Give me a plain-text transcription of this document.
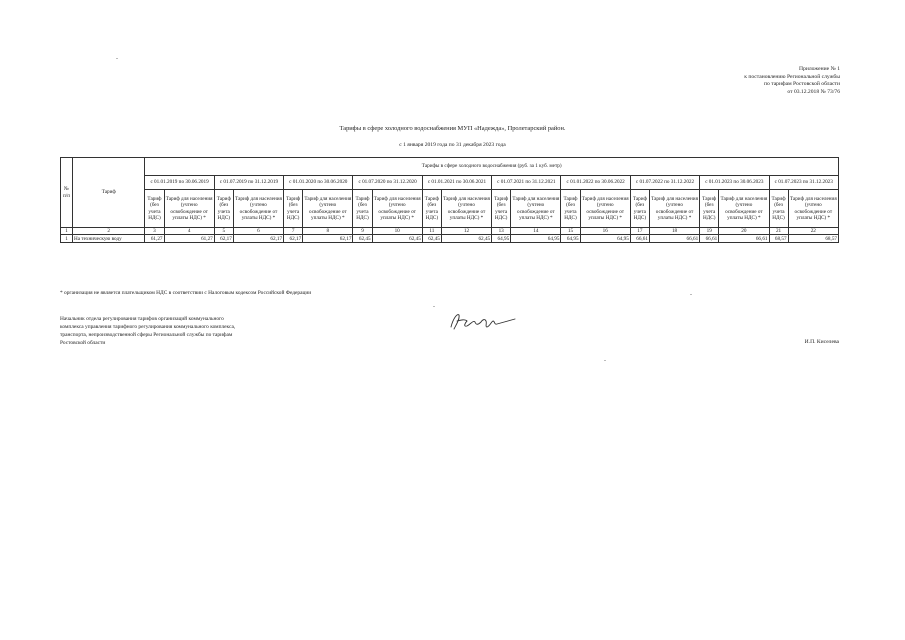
Приложение № 1
к постановлению Региональной службы
по тарифам Ростовской области
от 03.12.2018 № 73/76
Тарифы в сфере холодного водоснабжения МУП «Надежда», Пролетарский район.
с 1 января 2019 года по 31 декабря 2023 года
№ п/п	Тариф	Тарифы в сфере холодного водоснабжения (руб. за 1 куб. метр)																			
		с 01.01.2019 по 30.06.2019		с 01.07.2019 по 31.12.2019		с 01.01.2020 по 30.06.2020		с 01.07.2020 по 31.12.2020		с 01.01.2021 по 30.06.2021		с 01.07.2021 по 31.12.2021		с 01.01.2022 по 30.06.2022		с 01.07.2022 по 31.12.2022		с 01.01.2023 по 30.06.2023		с 01.07.2023 по 31.12.2023	
		Тариф (без учета НДС)	Тариф для населения (учтено освобождение от уплаты НДС) *	Тариф (без учета НДС)	Тариф для населения (учтено освобождение от уплаты НДС) *	Тариф (без учета НДС)	Тариф для населения (учтено освобождение от уплаты НДС) *	Тариф (без учета НДС)	Тариф для населения (учтено освобождение от уплаты НДС) *	Тариф (без учета НДС)	Тариф для населения (учтено освобождение от уплаты НДС) *	Тариф (без учета НДС)	Тариф для населения (учтено освобождение от уплаты НДС) *	Тариф (без учета НДС)	Тариф для населения (учтено освобождение от уплаты НДС) *	Тариф (без учета НДС)	Тариф для населения (учтено освобождение от уплаты НДС) *	Тариф (без учета НДС)	Тариф для населения (учтено освобождение от уплаты НДС) *	Тариф (без учета НДС)	Тариф для населения (учтено освобождение от уплаты НДС) *
1	2	3	4	5	6	7	8	9	10	11	12	13	14	15	16	17	18	19	20	21	22
1	На техническую воду	61,27	61,27	62,17	62,17	62,17	62,17	62,45	62,45	62,45	62,45	64,95	64,95	64,95	64,95	66,61	66,61	66,61	66,61	68,57	68,57
* организация не является плательщиком НДС в соответствии с Налоговым кодексом Российской Федерации
Начальник отдела регулирования тарифов организаций коммунального
комплекса управления тарифного регулирования коммунального комплекса,
транспорта, непроизводственной сферы Региональной службы по тарифам
Ростовской области	И.П. Киселева
